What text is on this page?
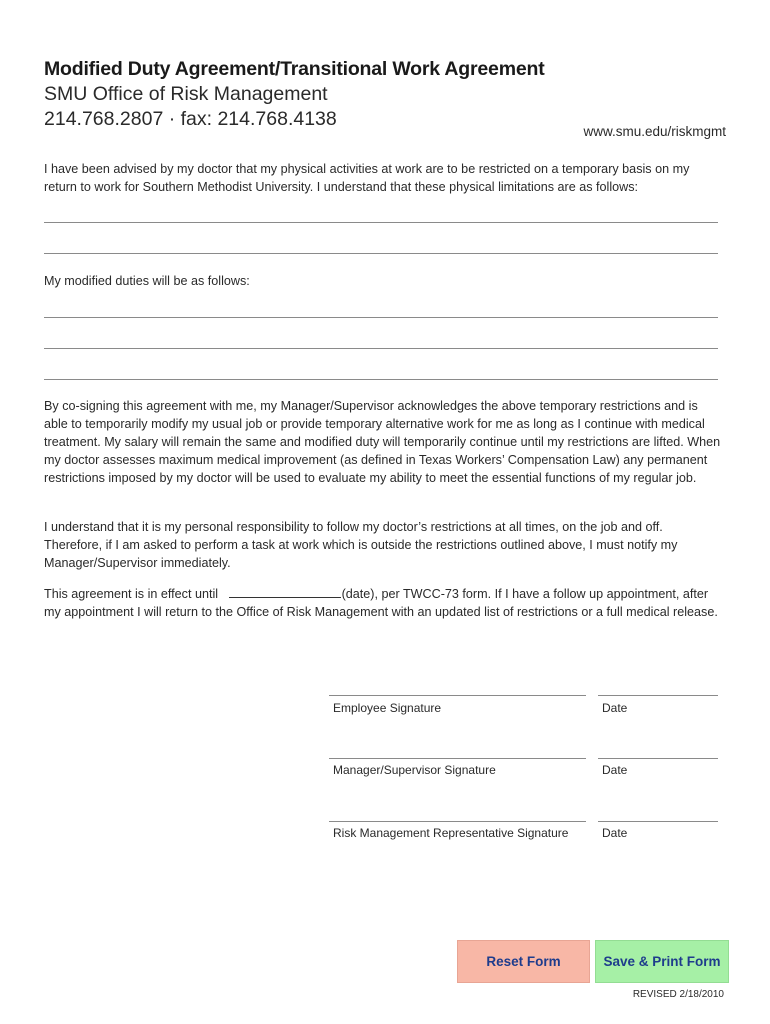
Modified Duty Agreement/Transitional Work Agreement
SMU Office of Risk Management
214.768.2807 · fax: 214.768.4138
www.smu.edu/riskmgmt

I have been advised by my doctor that my physical activities at work are to be restricted on a temporary basis on my return to work for Southern Methodist University. I understand that these physical limitations are as follows:

My modified duties will be as follows:

By co-signing this agreement with me, my Manager/Supervisor acknowledges the above temporary restrictions and is able to temporarily modify my usual job or provide temporary alternative work for me as long as I continue with medical treatment. My salary will remain the same and modified duty will temporarily continue until my restrictions are lifted. When my doctor assesses maximum medical improvement (as defined in Texas Workers’ Compensation Law) any permanent restrictions imposed by my doctor will be used to evaluate my ability to meet the essential functions of my regular job.

I understand that it is my personal responsibility to follow my doctor’s restrictions at all times, on the job and off. Therefore, if I am asked to perform a task at work which is outside the restrictions outlined above, I must notify my Manager/Supervisor immediately.

This agreement is in effect until	(date), per TWCC-73 form. If I have a follow up appointment, after my appointment I will return to the Office of Risk Management with an updated list of restrictions or a full medical release.

Employee Signature	Date
Manager/Supervisor Signature	Date
Risk Management Representative Signature	Date
Reset Form	Save & Print Form
REVISED 2/18/2010
